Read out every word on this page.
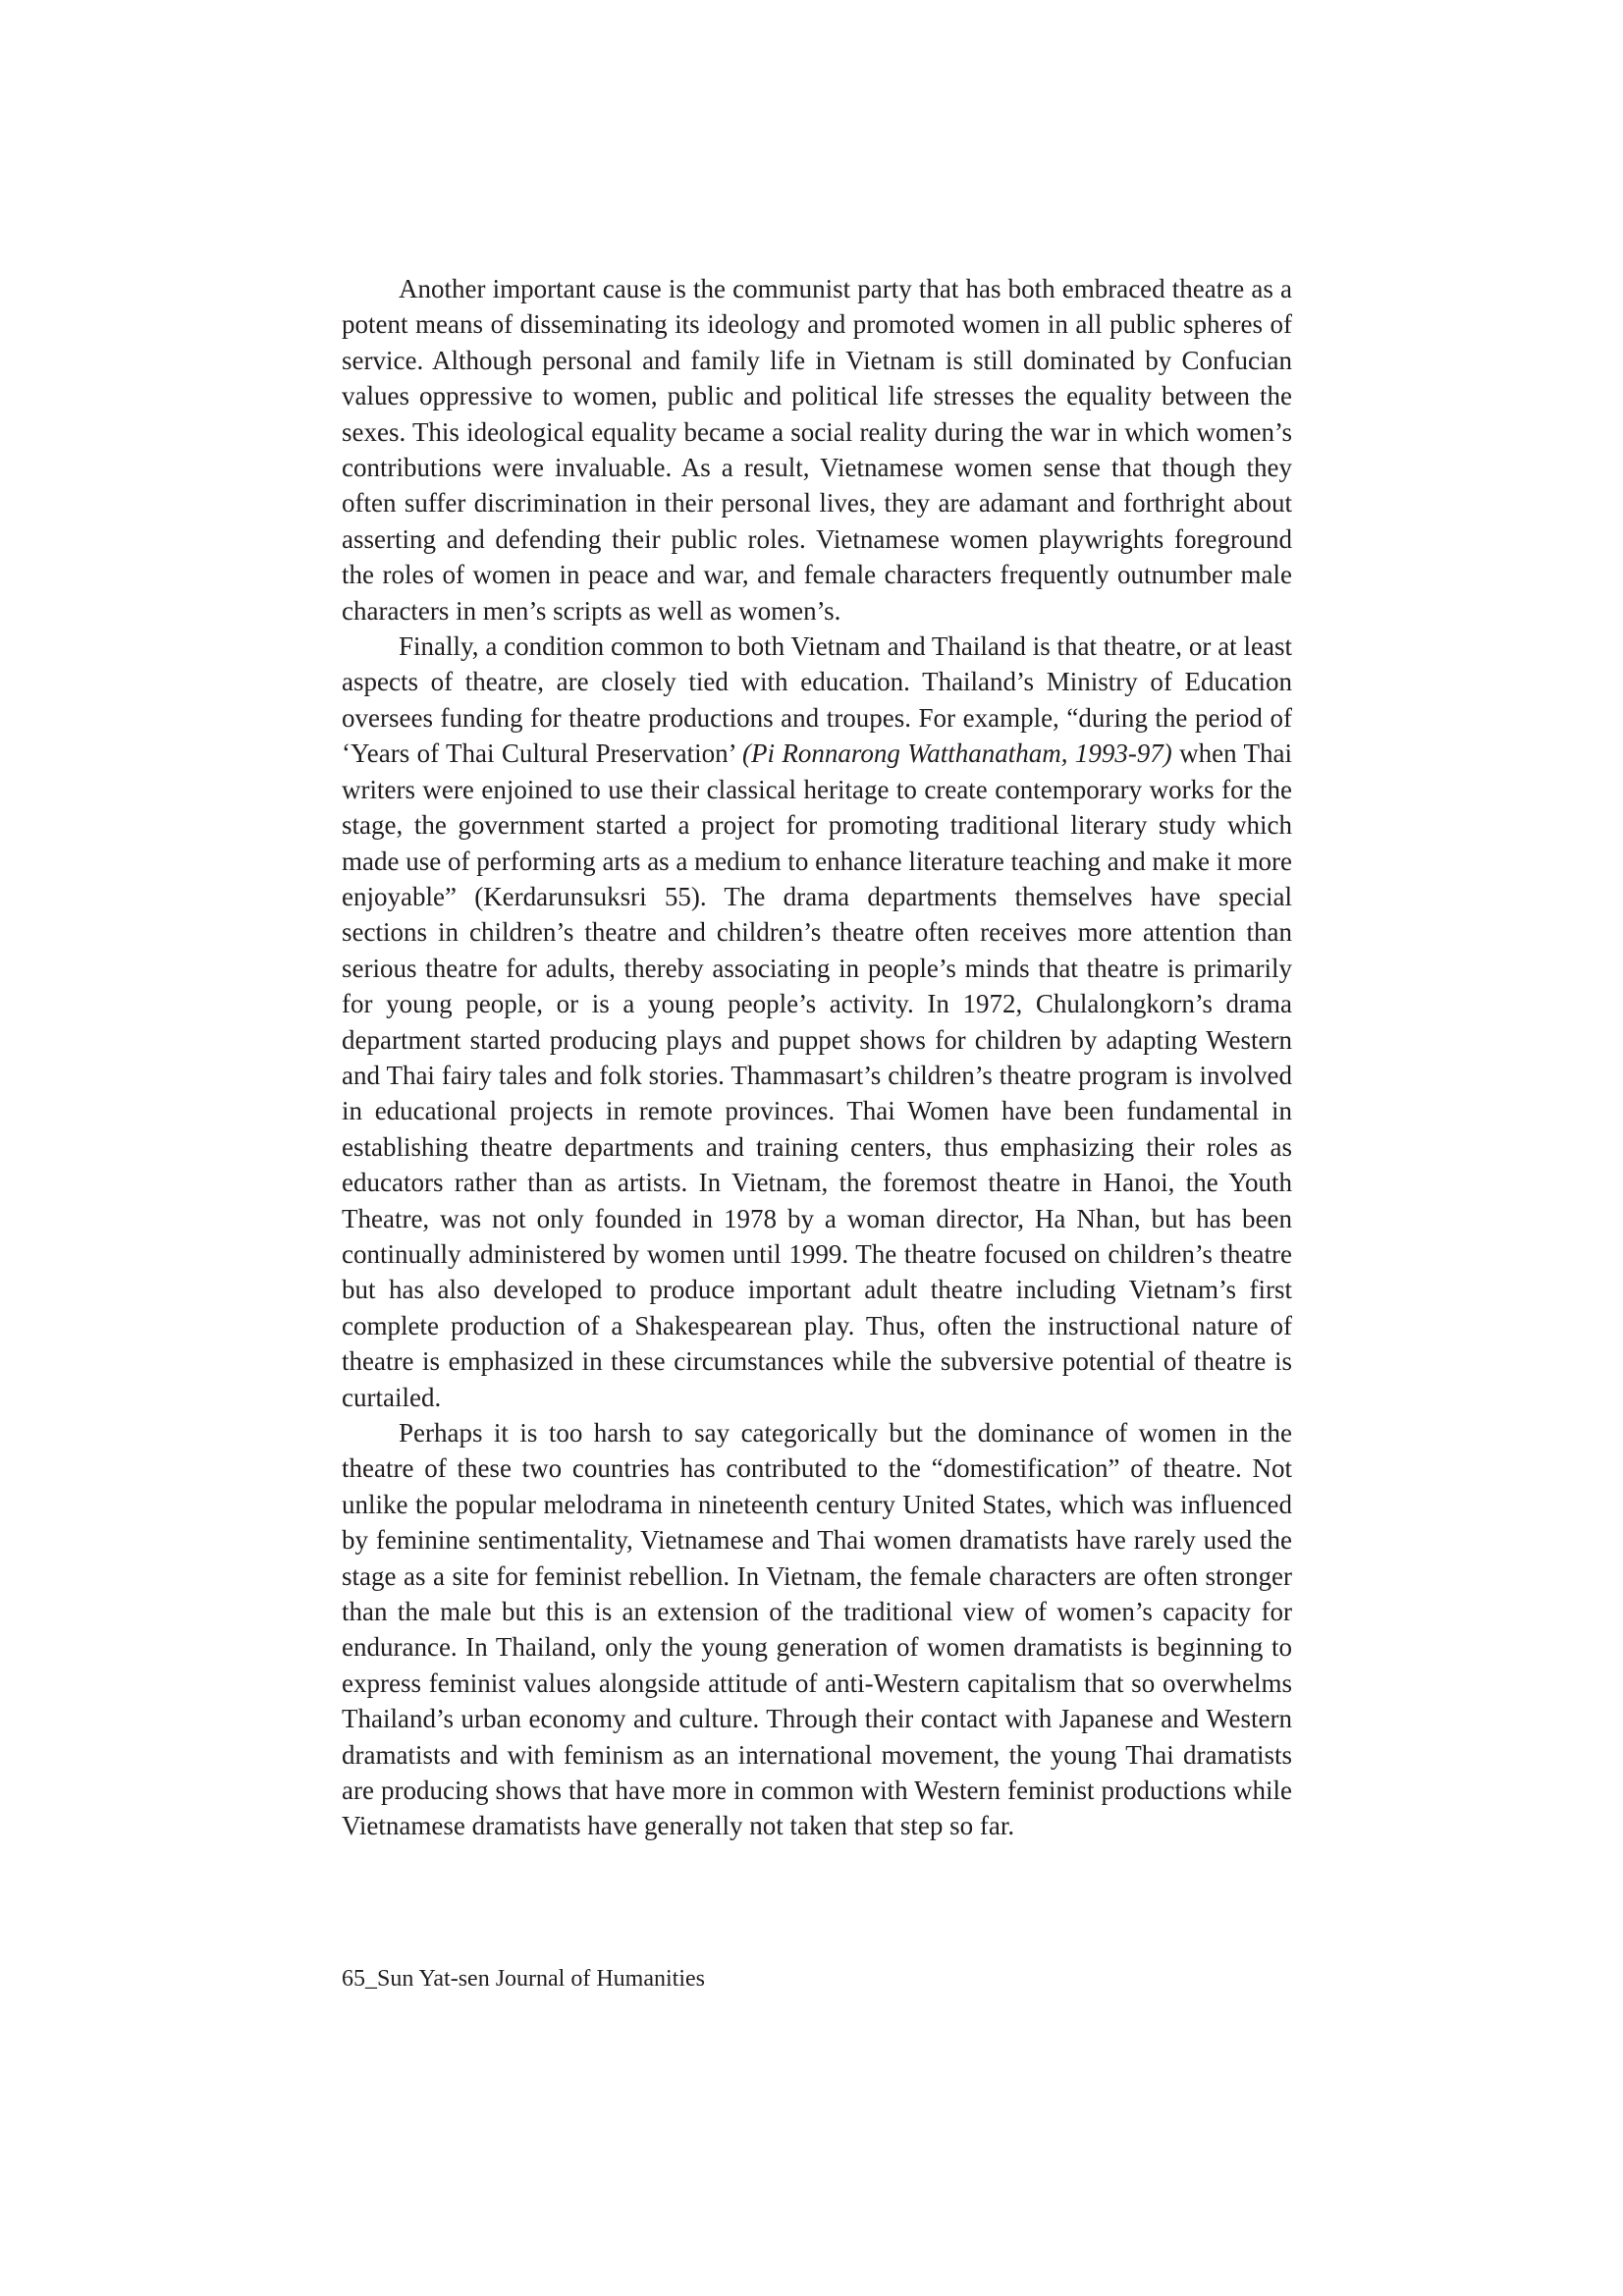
Another important cause is the communist party that has both embraced theatre as a potent means of disseminating its ideology and promoted women in all public spheres of service. Although personal and family life in Vietnam is still dominated by Confucian values oppressive to women, public and political life stresses the equality between the sexes. This ideological equality became a social reality during the war in which women’s contributions were invaluable. As a result, Vietnamese women sense that though they often suffer discrimination in their personal lives, they are adamant and forthright about asserting and defending their public roles. Vietnamese women playwrights foreground the roles of women in peace and war, and female characters frequently outnumber male characters in men’s scripts as well as women’s.

Finally, a condition common to both Vietnam and Thailand is that theatre, or at least aspects of theatre, are closely tied with education. Thailand’s Ministry of Education oversees funding for theatre productions and troupes. For example, “during the period of ‘Years of Thai Cultural Preservation’ (Pi Ronnarong Watthanatham, 1993-97) when Thai writers were enjoined to use their classical heritage to create contemporary works for the stage, the government started a project for promoting traditional literary study which made use of performing arts as a medium to enhance literature teaching and make it more enjoyable” (Kerdarunsuksri 55). The drama departments themselves have special sections in children’s theatre and children’s theatre often receives more attention than serious theatre for adults, thereby associating in people’s minds that theatre is primarily for young people, or is a young people’s activity. In 1972, Chulalongkorn’s drama department started producing plays and puppet shows for children by adapting Western and Thai fairy tales and folk stories. Thammasart’s children’s theatre program is involved in educational projects in remote provinces. Thai Women have been fundamental in establishing theatre departments and training centers, thus emphasizing their roles as educators rather than as artists. In Vietnam, the foremost theatre in Hanoi, the Youth Theatre, was not only founded in 1978 by a woman director, Ha Nhan, but has been continually administered by women until 1999. The theatre focused on children’s theatre but has also developed to produce important adult theatre including Vietnam’s first complete production of a Shakespearean play. Thus, often the instructional nature of theatre is emphasized in these circumstances while the subversive potential of theatre is curtailed.

Perhaps it is too harsh to say categorically but the dominance of women in the theatre of these two countries has contributed to the “domestification” of theatre. Not unlike the popular melodrama in nineteenth century United States, which was influenced by feminine sentimentality, Vietnamese and Thai women dramatists have rarely used the stage as a site for feminist rebellion. In Vietnam, the female characters are often stronger than the male but this is an extension of the traditional view of women’s capacity for endurance. In Thailand, only the young generation of women dramatists is beginning to express feminist values alongside attitude of anti-Western capitalism that so overwhelms Thailand’s urban economy and culture. Through their contact with Japanese and Western dramatists and with feminism as an international movement, the young Thai dramatists are producing shows that have more in common with Western feminist productions while Vietnamese dramatists have generally not taken that step so far.

65_Sun Yat-sen Journal of Humanities
